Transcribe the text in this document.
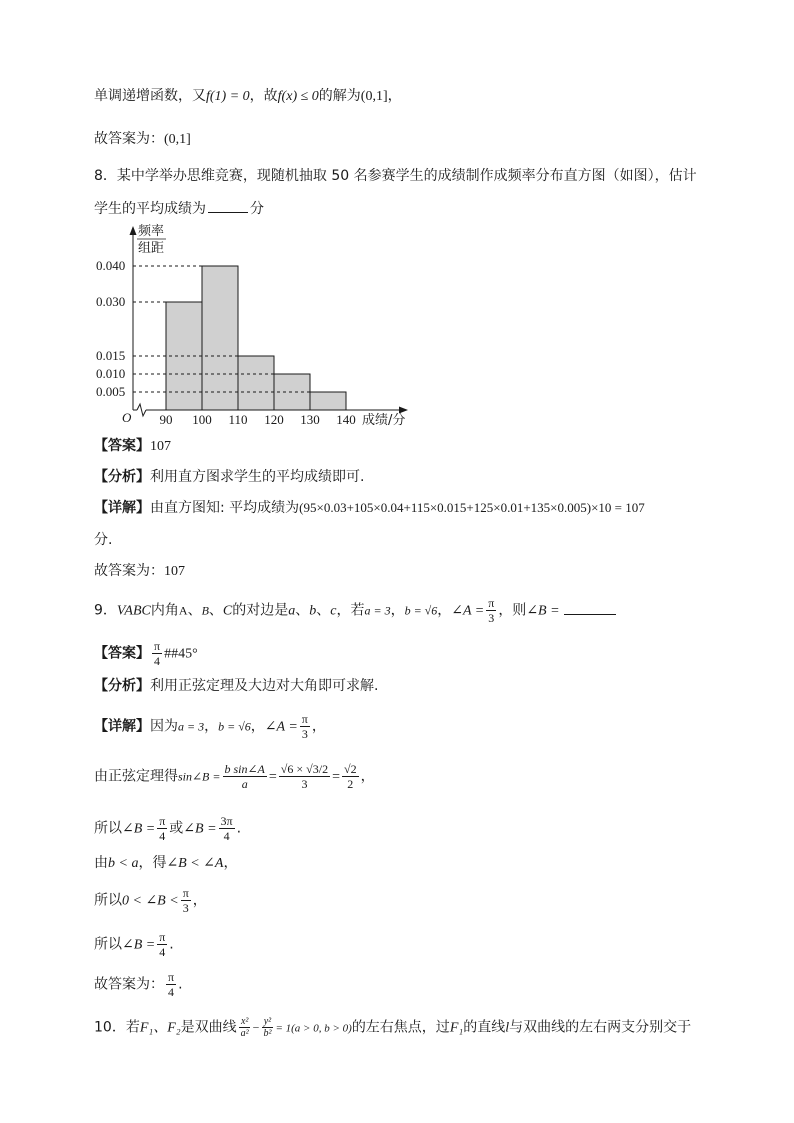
单调递增函数，又f(1) = 0，故f(x) ≤ 0的解为(0,1]，
故答案为：(0,1]
8．某中学举办思维竞赛，现随机抽取 50 名参赛学生的成绩制作成频率分布直方图（如图），估计
学生的平均成绩为	分
频率
组距
O	成绩/分
90 100 110 120 130 140
0.040
0.030
0.015
0.010
0.005
【答案】107
【分析】利用直方图求学生的平均成绩即可.
【详解】由直方图知: 平均成绩为(95×0.03+105×0.04+115×0.015+125×0.01+135×0.005)×10 = 107
分.
故答案为：107
9．VABC内角A、B、C的对边是a、b、c，若a = 3，b = √6，∠A = $\frac{\pi}{3}$ ，则∠B =
【答案】 $\frac{\pi}{4}$ ##45°
【分析】利用正弦定理及大边对大角即可求解.
【详解】因为a = 3，b = √6，∠A = $\frac{\pi}{3}$ ，
由正弦定理得sin∠B = $\frac{\text{b sin∠A}}{a} = \frac{√6 \times √3/2}{3} = \frac{√2}{2}$ ，
所以∠B = $\frac{\pi}{4}$ 或∠B = $\frac{3\pi}{4}$ .
由b < a，得∠B < ∠A，
所以0 < ∠B < $\frac{\pi}{3}$ ，
所以∠B = $\frac{\pi}{4}$ .
故答案为： $\frac{\pi}{4}$ .
10．若F₁、F₂是双曲线 $\frac{\text{x²}}{\text{a²}} - \frac{\text{y²}}{\text{b²}} = 1(a > 0$, b > 0)的左右焦点，过F₁的直线l与双曲线的左右两支分别交于
